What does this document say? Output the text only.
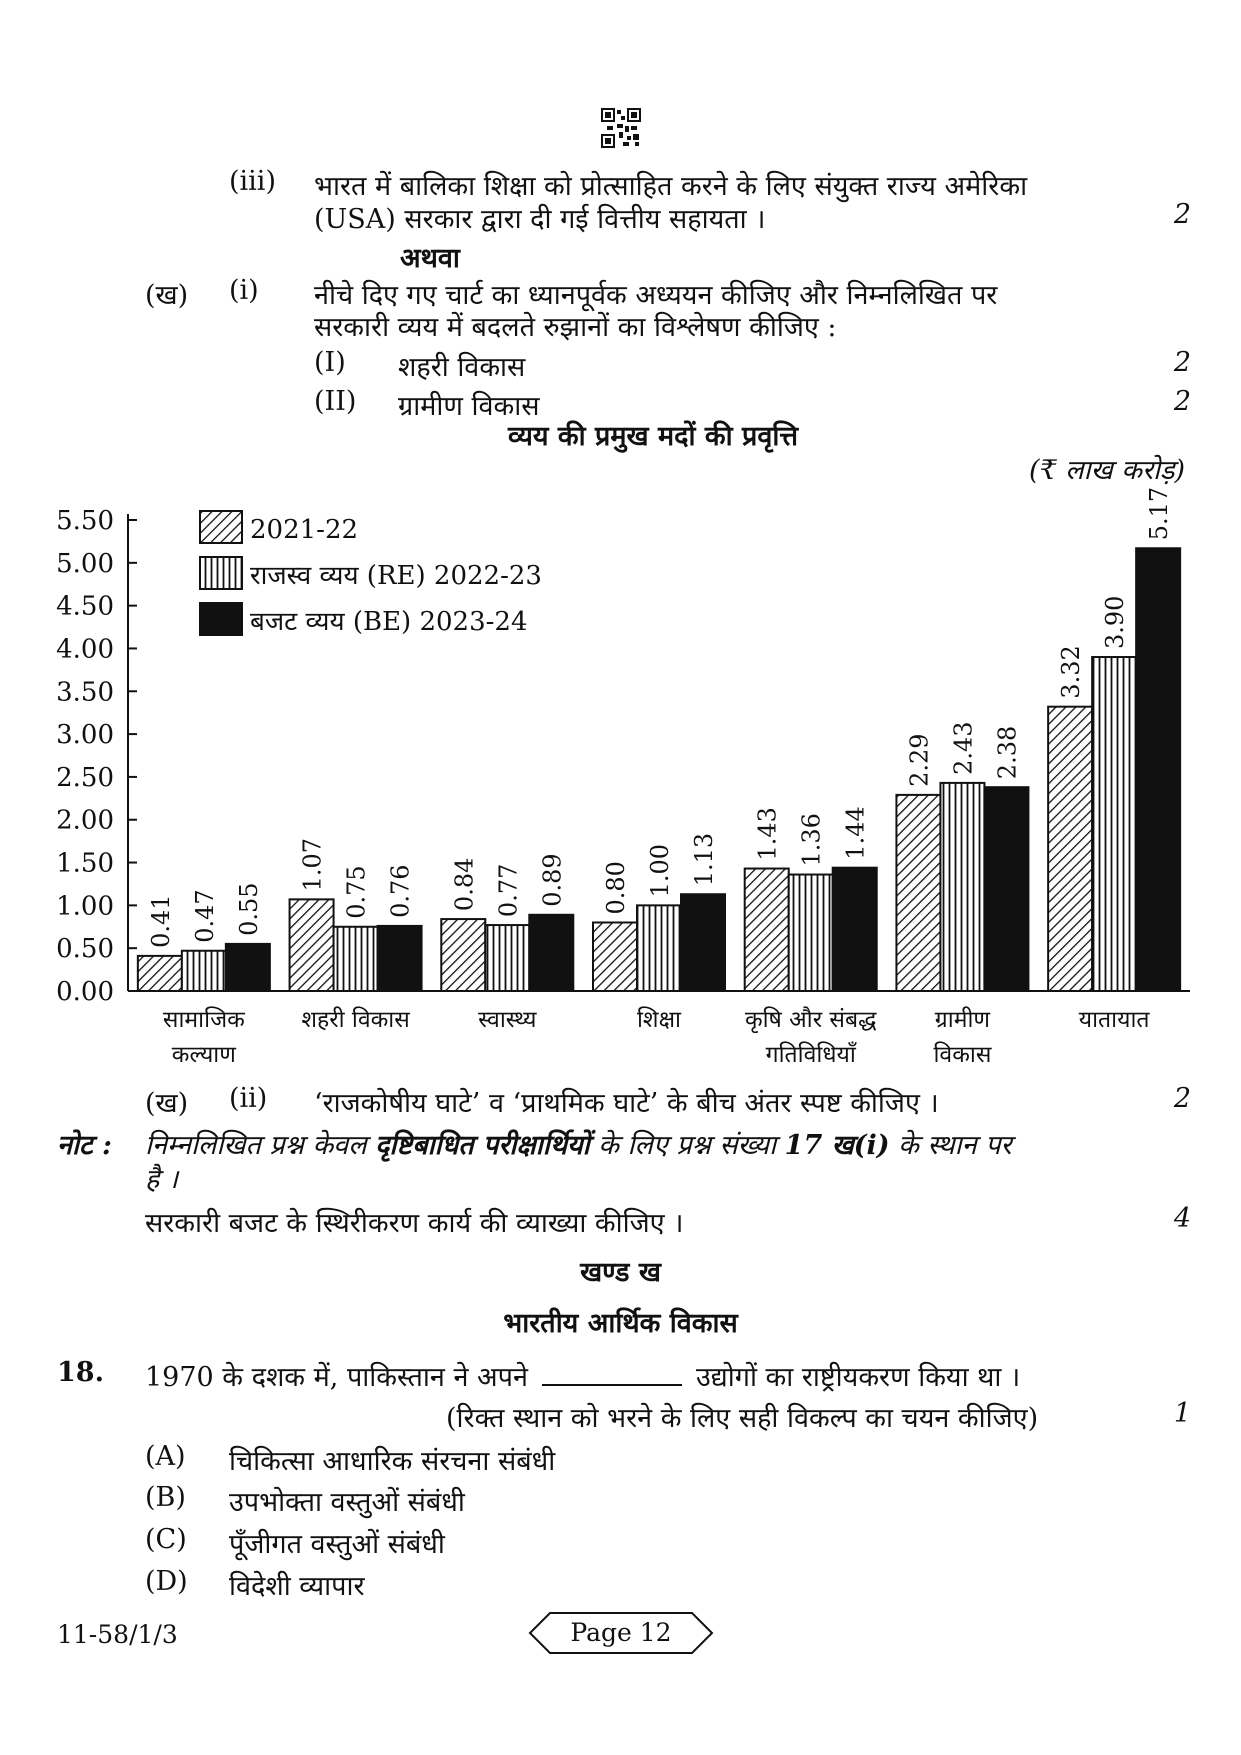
(iii) भारत में बालिका शिक्षा को प्रोत्साहित करने के लिए संयुक्त राज्य अमेरिका
(USA) सरकार द्वारा दी गई वित्तीय सहायता ।	2
अथवा
(ख) (i) नीचे दिए गए चार्ट का ध्यानपूर्वक अध्ययन कीजिए और निम्नलिखित पर
सरकारी व्यय में बदलते रुझानों का विश्लेषण कीजिए :
(I) शहरी विकास	2
(II) ग्रामीण विकास	2
व्यय की प्रमुख मदों की प्रवृत्ति
(₹ लाख करोड़)
0.00
0.50
1.00
1.50
2.00
2.50
3.00
3.50
4.00
4.50
5.00
5.50
सामाजिक
कल्याण
शहरी विकास	स्वास्थ्य	शिक्षा	कृषि और संबद्ध
गतिविधियाँ
ग्रामीण
विकास
यातायात
0.41 0.47 0.55
1.07
0.75 0.76 0.84 0.77 0.89 0.80 1.00 1.13 1.43 1.36 1.44
2.29 2.43 2.38
3.32
3.90
5.17
2021-22
राजस्व व्यय (RE) 2022-23
बजट व्यय (BE) 2023-24
(ख) (ii) ‘राजकोषीय घाटे’ व ‘प्राथमिक घाटे’ के बीच अंतर स्पष्ट कीजिए ।	2
नोट : निम्नलिखित प्रश्न केवल दृष्टिबाधित परीक्षार्थियों के लिए प्रश्न संख्या 17 ख(i) के स्थान पर
है ।
सरकारी बजट के स्थिरीकरण कार्य की व्याख्या कीजिए ।	4
खण्ड ख
भारतीय आर्थिक विकास
18. 1970 के दशक में, पाकिस्तान ने अपने	उद्योगों का राष्ट्रीयकरण किया था ।
(रिक्त स्थान को भरने के लिए सही विकल्प का चयन कीजिए)	1
(A) चिकित्सा आधारिक संरचना संबंधी
(B) उपभोक्ता वस्तुओं संबंधी
(C) पूँजीगत वस्तुओं संबंधी
(D) विदेशी व्यापार
11-58/1/3	Page 12
